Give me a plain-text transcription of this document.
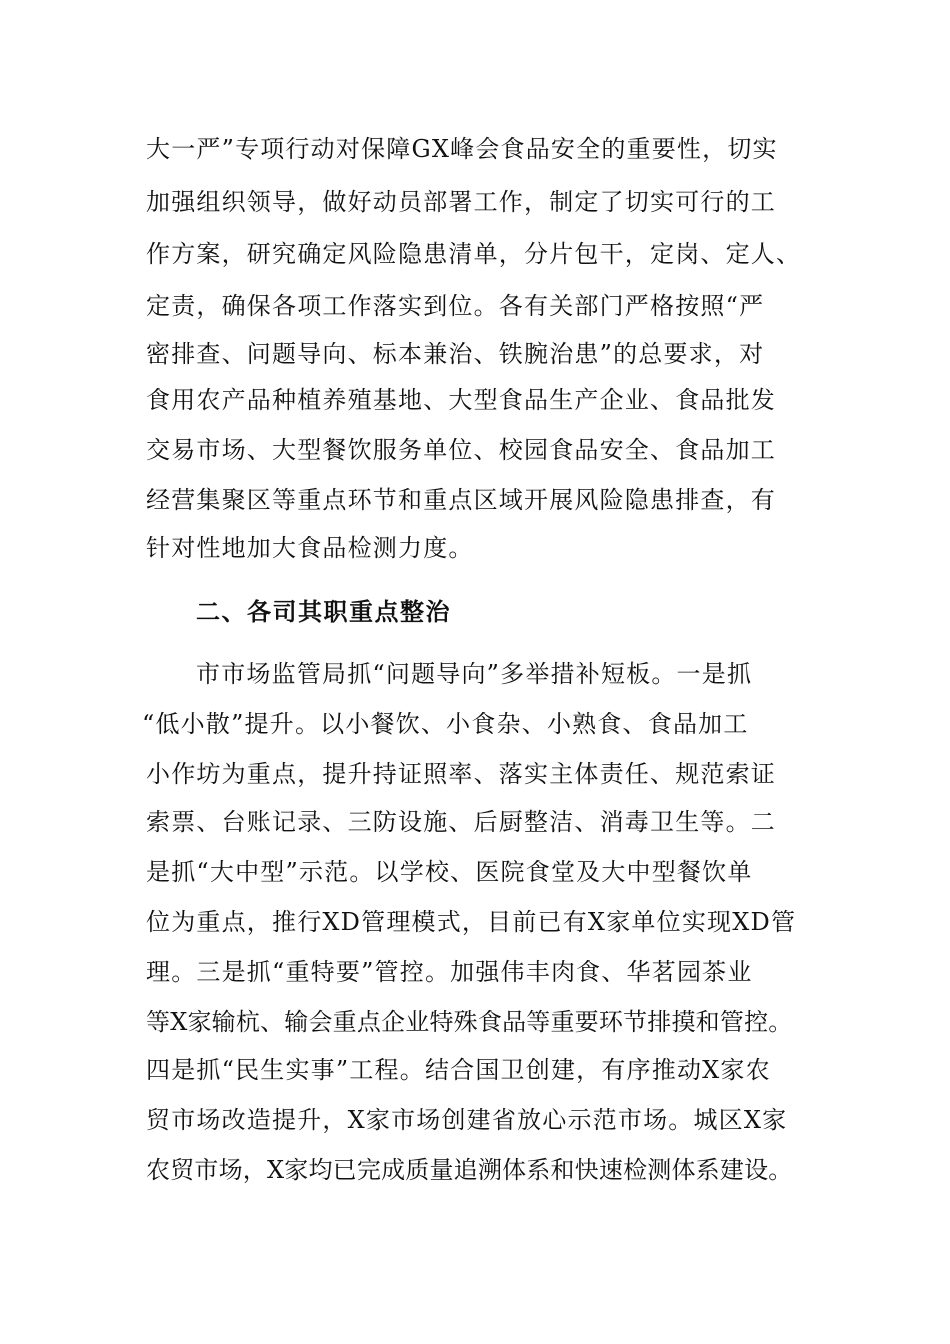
大一严”专项行动对保障GX峰会食品安全的重要性，切实
加强组织领导，做好动员部署工作，制定了切实可行的工
作方案，研究确定风险隐患清单，分片包干，定岗、定人、
定责，确保各项工作落实到位。各有关部门严格按照“严
密排查、问题导向、标本兼治、铁腕治患”的总要求，对
食用农产品种植养殖基地、大型食品生产企业、食品批发
交易市场、大型餐饮服务单位、校园食品安全、食品加工
经营集聚区等重点环节和重点区域开展风险隐患排查，有
针对性地加大食品检测力度。
二、各司其职重点整治
市市场监管局抓“问题导向”多举措补短板。一是抓
“低小散”提升。以小餐饮、小食杂、小熟食、食品加工
小作坊为重点，提升持证照率、落实主体责任、规范索证
索票、台账记录、三防设施、后厨整洁、消毒卫生等。二
是抓“大中型”示范。以学校、医院食堂及大中型餐饮单
位为重点，推行XD管理模式，目前已有X家单位实现XD管
理。三是抓“重特要”管控。加强伟丰肉食、华茗园茶业
等X家输杭、输会重点企业特殊食品等重要环节排摸和管控。
四是抓“民生实事”工程。结合国卫创建，有序推动X家农
贸市场改造提升，X家市场创建省放心示范市场。城区X家
农贸市场，X家均已完成质量追溯体系和快速检测体系建设。
